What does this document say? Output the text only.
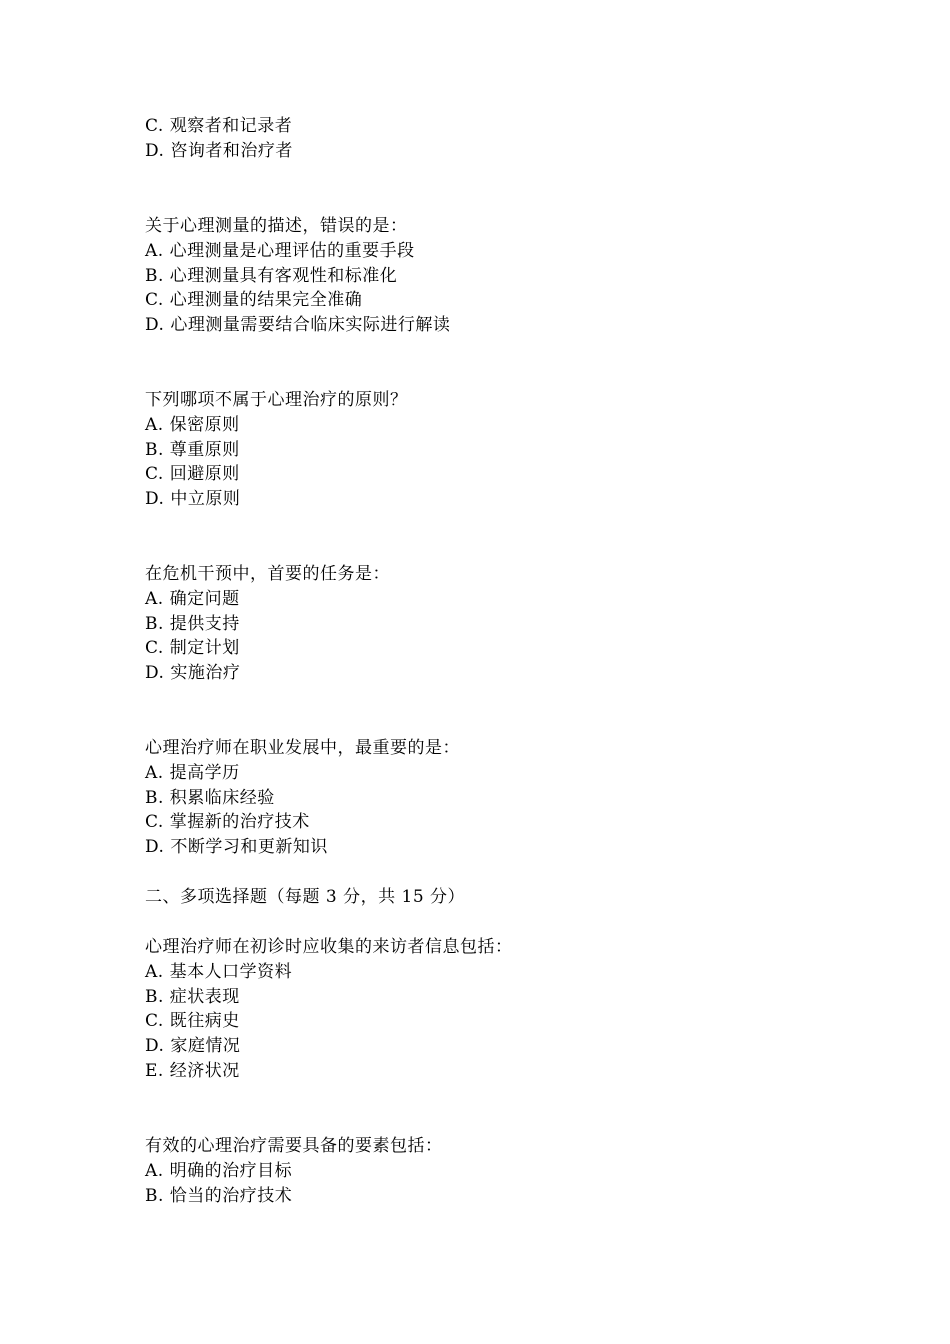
C. 观察者和记录者
D. 咨询者和治疗者
关于心理测量的描述，错误的是：
A. 心理测量是心理评估的重要手段
B. 心理测量具有客观性和标准化
C. 心理测量的结果完全准确
D. 心理测量需要结合临床实际进行解读
下列哪项不属于心理治疗的原则？
A. 保密原则
B. 尊重原则
C. 回避原则
D. 中立原则
在危机干预中，首要的任务是：
A. 确定问题
B. 提供支持
C. 制定计划
D. 实施治疗
心理治疗师在职业发展中，最重要的是：
A. 提高学历
B. 积累临床经验
C. 掌握新的治疗技术
D. 不断学习和更新知识
二、多项选择题（每题 3 分，共 15 分）
心理治疗师在初诊时应收集的来访者信息包括：
A. 基本人口学资料
B. 症状表现
C. 既往病史
D. 家庭情况
E. 经济状况
有效的心理治疗需要具备的要素包括：
A. 明确的治疗目标
B. 恰当的治疗技术
